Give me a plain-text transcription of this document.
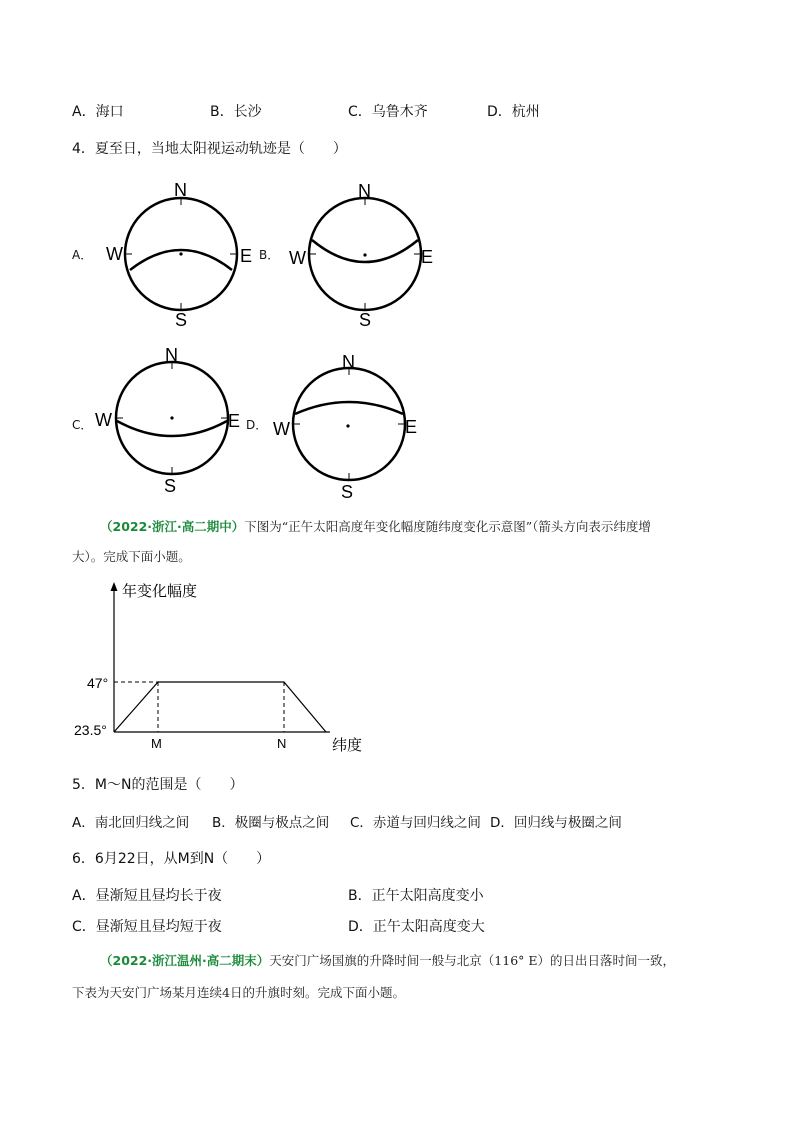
A．海口	B．长沙	C．乌鲁木齐	D．杭州
4．夏至日，当地太阳视运动轨迹是（　　）
A．	B．
C．	D．
N
S
W	E
N
S
W	E
N
S
W	E
N
S
W	E
（2022·浙江·高二期中）下图为“正午太阳高度年变化幅度随纬度变化示意图”（箭头方向表示纬度增
大）。完成下面小题。
年变化幅度
纬度
47°
23.5°
M	N
5．M～N的范围是（　　）
A．南北回归线之间 B．极圈与极点之间 C．赤道与回归线之间 D．回归线与极圈之间
6．6月22日，从M到N（　　）
A．昼渐短且昼均长于夜	B．正午太阳高度变小
C．昼渐短且昼均短于夜	D．正午太阳高度变大
（2022·浙江温州·高二期末）天安门广场国旗的升降时间一般与北京（116° E）的日出日落时间一致，
下表为天安门广场某月连续4日的升旗时刻。完成下面小题。
